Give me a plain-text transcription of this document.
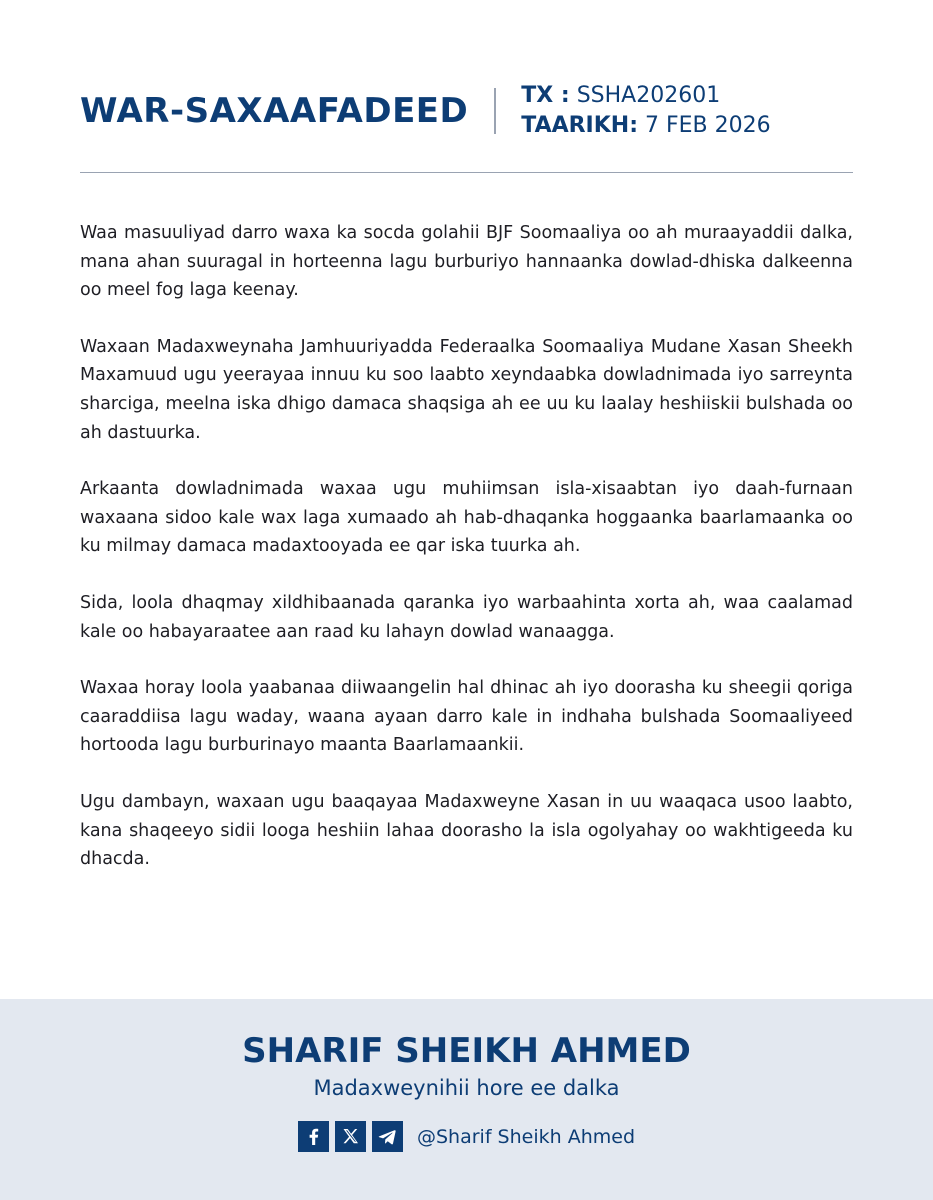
WAR-SAXAAFADEED TX : SSHA202601
TAARIKH: 7 FEB 2026

Waa masuuliyad darro waxa ka socda golahii BJF Soomaaliya oo ah muraayaddii dalka, mana ahan suuragal in horteenna lagu burburiyo hannaanka dowlad-dhiska dalkeenna oo meel fog laga keenay.

Waxaan Madaxweynaha Jamhuuriyadda Federaalka Soomaaliya Mudane Xasan Sheekh Maxamuud ugu yeerayaa innuu ku soo laabto xeyndaabka dowladnimada iyo sarreynta sharciga, meelna iska dhigo damaca shaqsiga ah ee uu ku laalay heshiiskii bulshada oo ah dastuurka.

Arkaanta dowladnimada waxaa ugu muhiimsan isla-xisaabtan iyo daah-furnaan waxaana sidoo kale wax laga xumaado ah hab-dhaqanka hoggaanka baarlamaanka oo ku milmay damaca madaxtooyada ee qar iska tuurka ah.

Sida, loola dhaqmay xildhibaanada qaranka iyo warbaahinta xorta ah, waa caalamad kale oo habayaraatee aan raad ku lahayn dowlad wanaagga.

Waxaa horay loola yaabanaa diiwaangelin hal dhinac ah iyo doorasha ku sheegii qoriga caaraddiisa lagu waday, waana ayaan darro kale in indhaha bulshada Soomaaliyeed hortooda lagu burburinayo maanta Baarlamaankii.

Ugu dambayn, waxaan ugu baaqayaa Madaxweyne Xasan in uu waaqaca usoo laabto, kana shaqeeyo sidii looga heshiin lahaa doorasho la isla ogolyahay oo wakhtigeeda ku dhacda.

SHARIF SHEIKH AHMED
Madaxweynihii hore ee dalka
@Sharif Sheikh Ahmed
